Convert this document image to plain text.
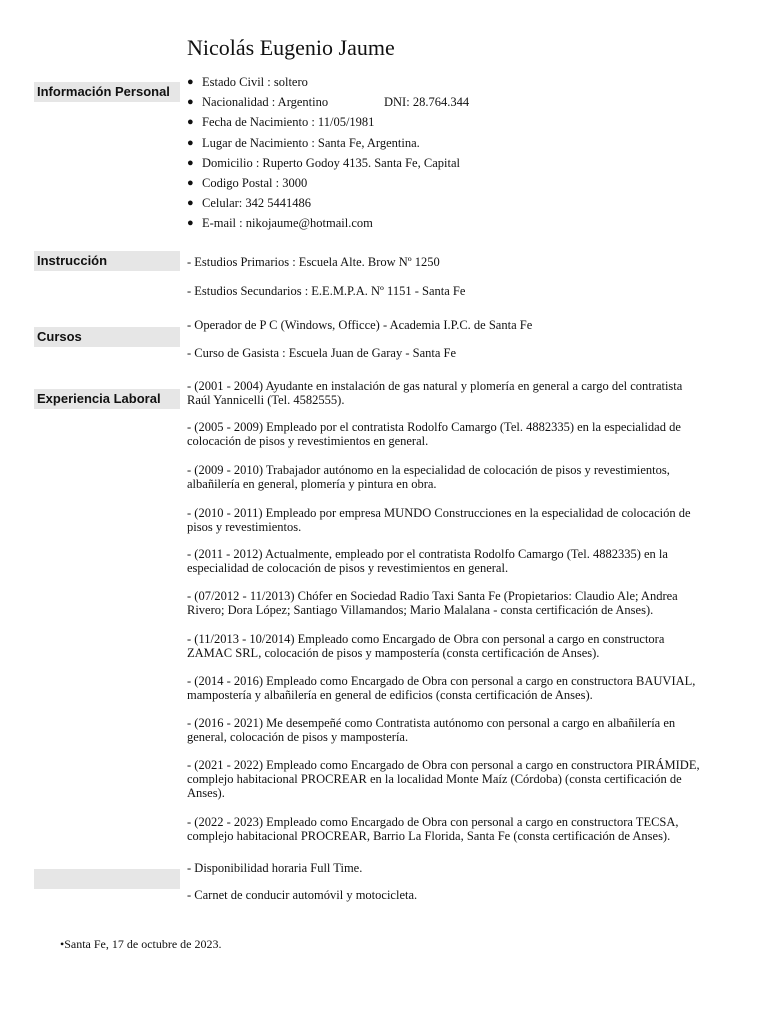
Nicolás Eugenio Jaume
Información Personal
Instrucción
Cursos
Experiencia Laboral
● Estado Civil : soltero
● Nacionalidad : Argentino	DNI: 28.764.344
● Fecha de Nacimiento : 11/05/1981
● Lugar de Nacimiento : Santa Fe, Argentina.
● Domicilio : Ruperto Godoy 4135. Santa Fe, Capital
● Codigo Postal : 3000
● Celular: 342 5441486
● E-mail : nikojaume@hotmail.com
- Estudios Primarios : Escuela Alte. Brow Nº 1250
- Estudios Secundarios : E.E.M.P.A. Nº 1151 - Santa Fe
- Operador de P C (Windows, Officce) - Academia I.P.C. de Santa Fe
- Curso de Gasista : Escuela Juan de Garay - Santa Fe
- (2001 - 2004) Ayudante en instalación de gas natural y plomería en general a cargo del contratista Raúl Yannicelli (Tel. 4582555).
- (2005 - 2009) Empleado por el contratista Rodolfo Camargo (Tel. 4882335) en la especialidad de colocación de pisos y revestimientos en general.
- (2009 - 2010) Trabajador autónomo en la especialidad de colocación de pisos y revestimientos, albañilería en general, plomería y pintura en obra.
- (2010 - 2011) Empleado por empresa MUNDO Construcciones en la especialidad de colocación de pisos y revestimientos.
- (2011 - 2012) Actualmente, empleado por el contratista Rodolfo Camargo (Tel. 4882335) en la especialidad de colocación de pisos y revestimientos en general.
- (07/2012 - 11/2013) Chófer en Sociedad Radio Taxi Santa Fe (Propietarios: Claudio Ale; Andrea Rivero; Dora López; Santiago Villamandos; Mario Malalana - consta certificación de Anses).
- (11/2013 - 10/2014) Empleado como Encargado de Obra con personal a cargo en constructora ZAMAC SRL, colocación de pisos y mampostería (consta certificación de Anses).
- (2014 - 2016) Empleado como Encargado de Obra con personal a cargo en constructora BAUVIAL, mampostería y albañilería en general de edificios (consta certificación de Anses).
- (2016 - 2021) Me desempeñé como Contratista autónomo con personal a cargo en albañilería en general, colocación de pisos y mampostería.
- (2021 - 2022) Empleado como Encargado de Obra con personal a cargo en constructora PIRÁMIDE, complejo habitacional PROCREAR en la localidad Monte Maíz (Córdoba) (consta certificación de Anses).
- (2022 - 2023) Empleado como Encargado de Obra con personal a cargo en constructora TECSA, complejo habitacional PROCREAR, Barrio La Florida, Santa Fe (consta certificación de Anses).
- Disponibilidad horaria Full Time.
- Carnet de conducir automóvil y motocicleta.
•Santa Fe, 17 de octubre de 2023.
